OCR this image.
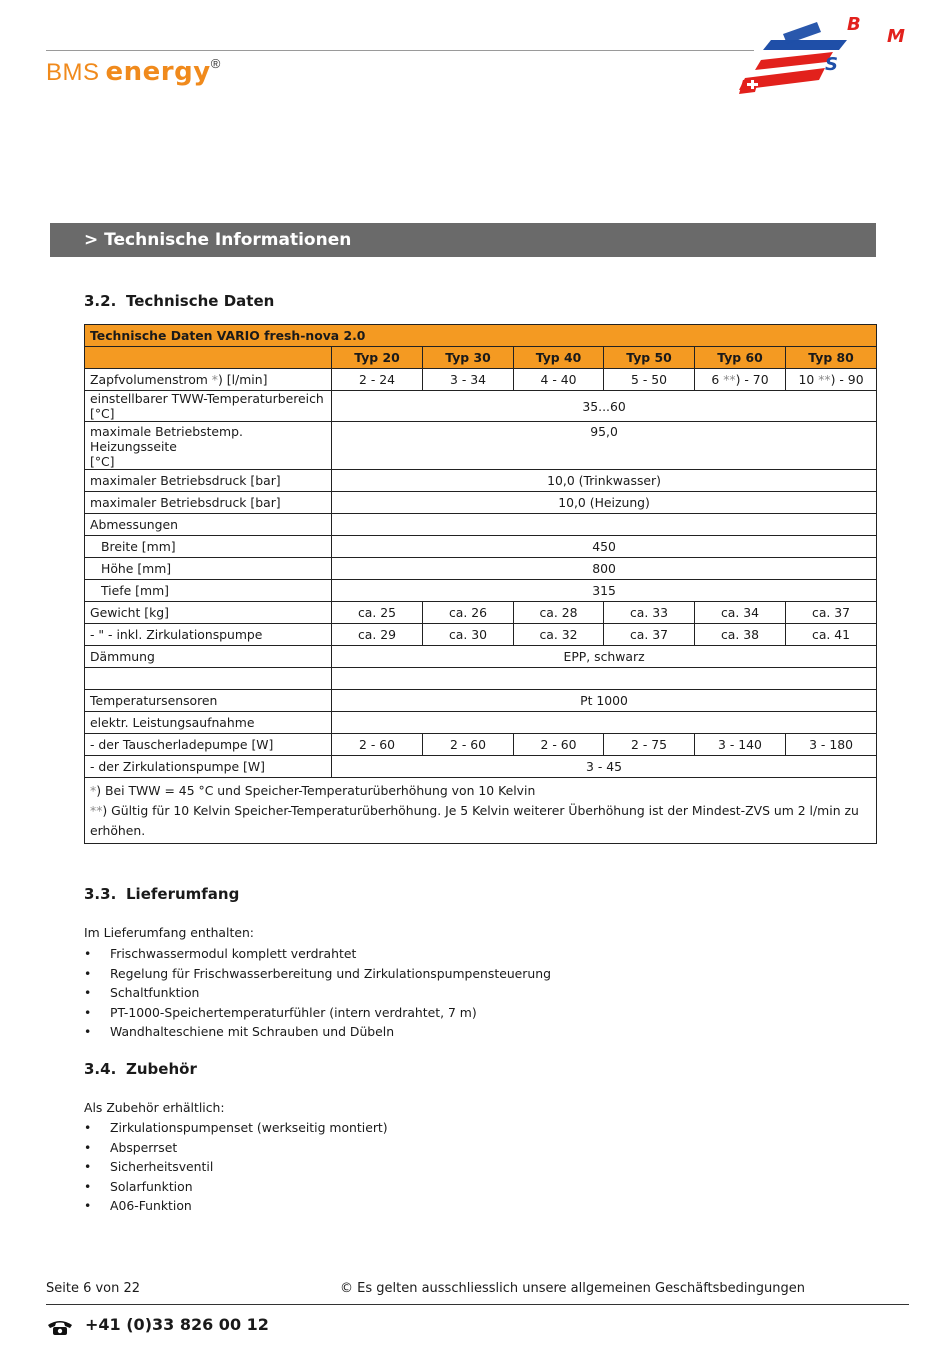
BMS energy®
B
M
S
> Technische Informationen
3.2. Technische Daten
Technische Daten VARIO fresh-nova 2.0						
	Typ 20	Typ 30	Typ 40	Typ 50	Typ 60	Typ 80
Zapfvolumenstrom *) [l/min]	2 - 24	3 - 34	4 - 40	5 - 50	6 **) - 70	10 **) - 90
einstellbarer TWW-Temperaturbereich [°C]	35...60					

maximale Betriebstemp. Heizungsseite
[°C]	95,0					
maximaler Betriebsdruck [bar]	10,0 (Trinkwasser)					
maximaler Betriebsdruck [bar]	10,0 (Heizung)					
Abmessungen						
Breite [mm]	450					
Höhe [mm]	800					
Tiefe [mm]	315					
Gewicht [kg]	ca. 25	ca. 26	ca. 28	ca. 33	ca. 34	ca. 37
- " - inkl. Zirkulationspumpe	ca. 29	ca. 30	ca. 32	ca. 37	ca. 38	ca. 41
Dämmung	EPP, schwarz					

Temperatursensoren	Pt 1000					
elektr. Leistungsaufnahme						
- der Tauscherladepumpe [W]	2 - 60	2 - 60	2 - 60	2 - 75	3 - 140	3 - 180
- der Zirkulationspumpe [W]	3 - 45					

*) Bei TWW = 45 °C und Speicher-Temperaturüberhöhung von 10 Kelvin
**) Gültig für 10 Kelvin Speicher-Temperaturüberhöhung. Je 5 Kelvin weiterer Überhöhung ist der Mindest-ZVS um 2 l/min zu erhöhen.						
3.3. Lieferumfang

Im Lieferumfang enthalten:

• Frischwassermodul komplett verdrahtet
• Regelung für Frischwasserbereitung und Zirkulationspumpensteuerung
• Schaltfunktion
• PT-1000-Speichertemperaturfühler (intern verdrahtet, 7 m)
• Wandhalteschiene mit Schrauben und Dübeln
3.4. Zubehör

Als Zubehör erhältlich:

• Zirkulationspumpenset (werkseitig montiert)
• Absperrset
• Sicherheitsventil
• Solarfunktion
• A06-Funktion
Seite 6 von 22	© Es gelten ausschliesslich unsere allgemeinen Geschäftsbedingungen
+41 (0)33 826 00 12
